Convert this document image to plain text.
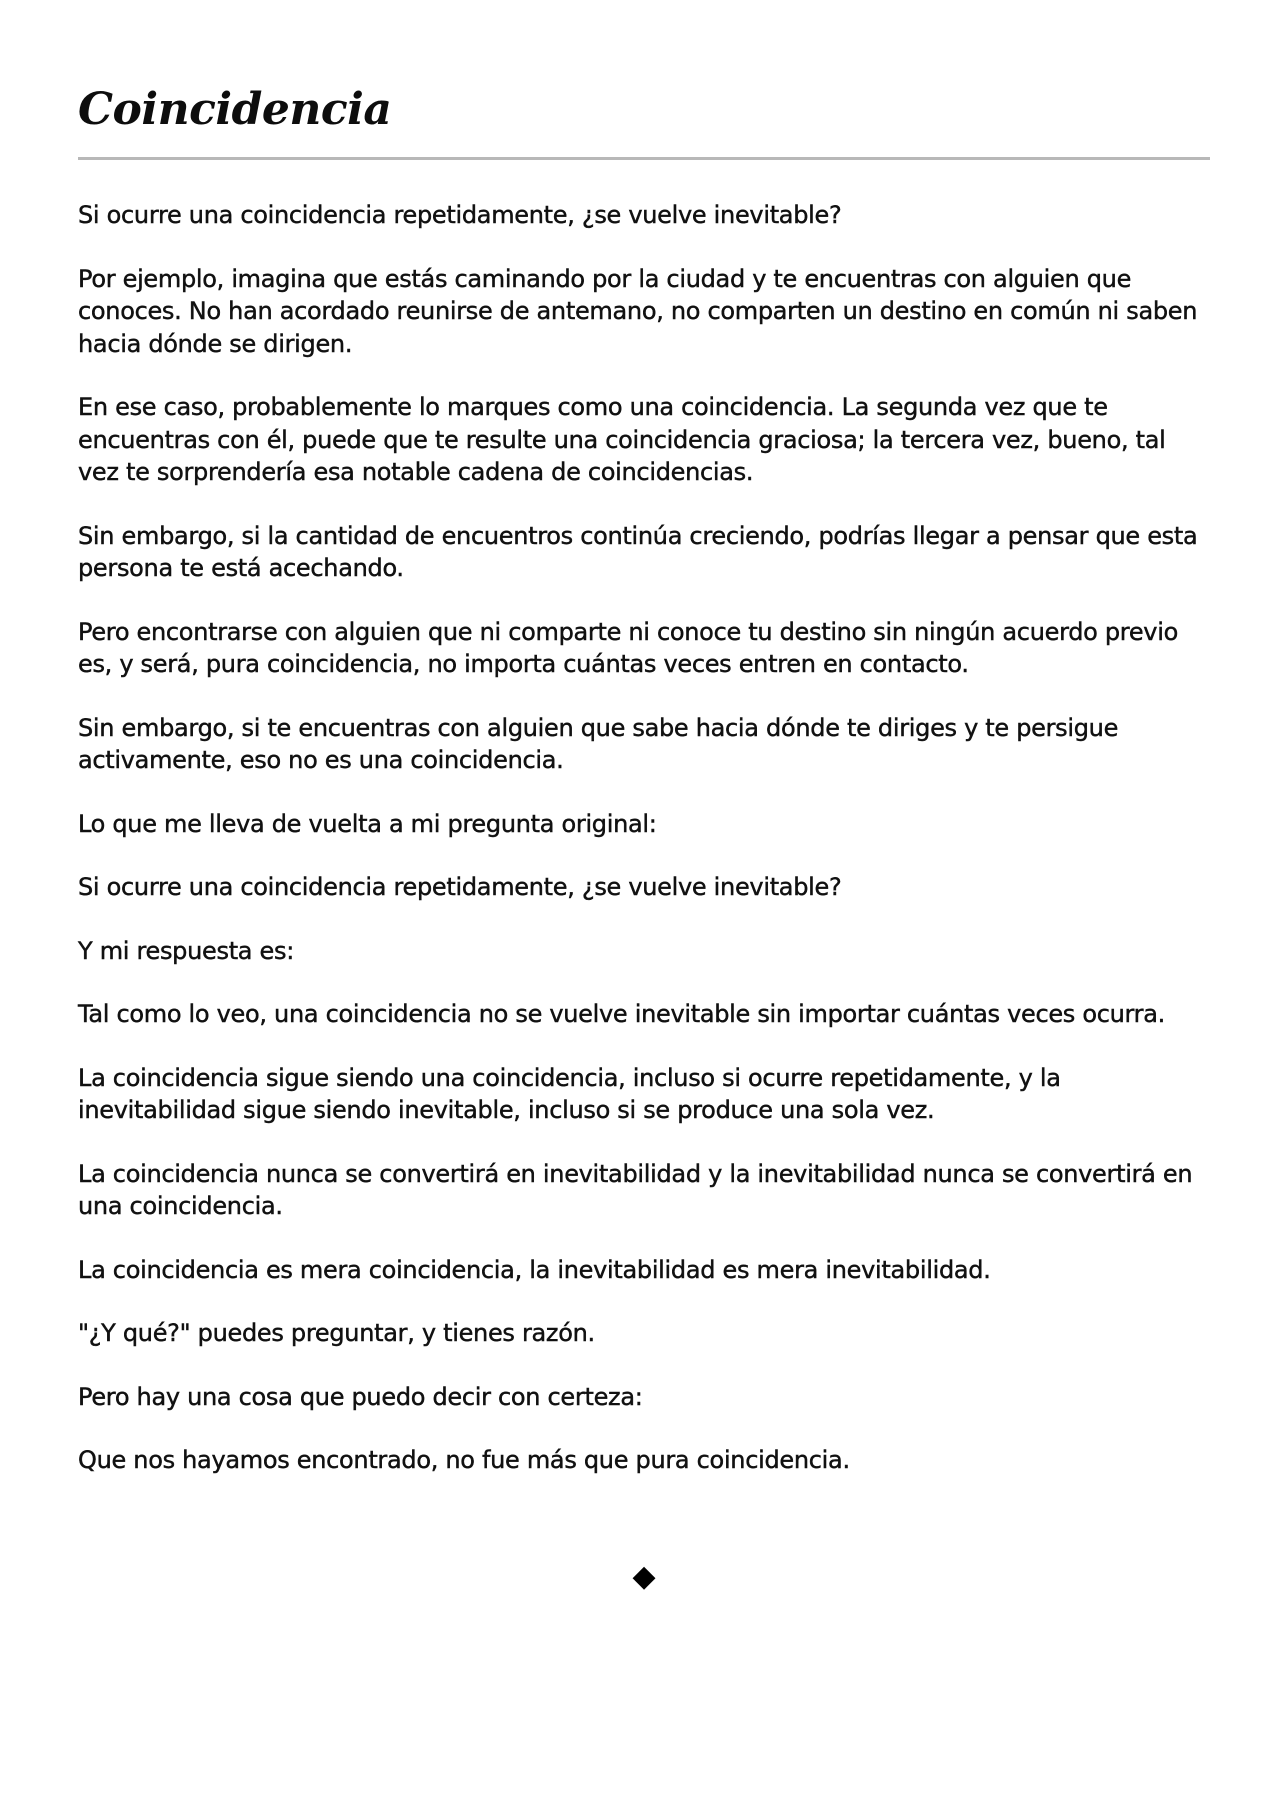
Coincidencia

Si ocurre una coincidencia repetidamente, ¿se vuelve inevitable?

Por ejemplo, imagina que estás caminando por la ciudad y te encuentras con alguien que conoces. No han acordado reunirse de antemano, no comparten un destino en común ni saben hacia dónde se dirigen.

En ese caso, probablemente lo marques como una coincidencia. La segunda vez que te encuentras con él, puede que te resulte una coincidencia graciosa; la tercera vez, bueno, tal vez te sorprendería esa notable cadena de coincidencias.

Sin embargo, si la cantidad de encuentros continúa creciendo, podrías llegar a pensar que esta persona te está acechando.

Pero encontrarse con alguien que ni comparte ni conoce tu destino sin ningún acuerdo previo es, y será, pura coincidencia, no importa cuántas veces entren en contacto.

Sin embargo, si te encuentras con alguien que sabe hacia dónde te diriges y te persigue activamente, eso no es una coincidencia.

Lo que me lleva de vuelta a mi pregunta original:

Si ocurre una coincidencia repetidamente, ¿se vuelve inevitable?

Y mi respuesta es:

Tal como lo veo, una coincidencia no se vuelve inevitable sin importar cuántas veces ocurra.

La coincidencia sigue siendo una coincidencia, incluso si ocurre repetidamente, y la inevitabilidad sigue siendo inevitable, incluso si se produce una sola vez.

La coincidencia nunca se convertirá en inevitabilidad y la inevitabilidad nunca se convertirá en una coincidencia.

La coincidencia es mera coincidencia, la inevitabilidad es mera inevitabilidad.

"¿Y qué?" puedes preguntar, y tienes razón.

Pero hay una cosa que puedo decir con certeza:

Que nos hayamos encontrado, no fue más que pura coincidencia.

◆
